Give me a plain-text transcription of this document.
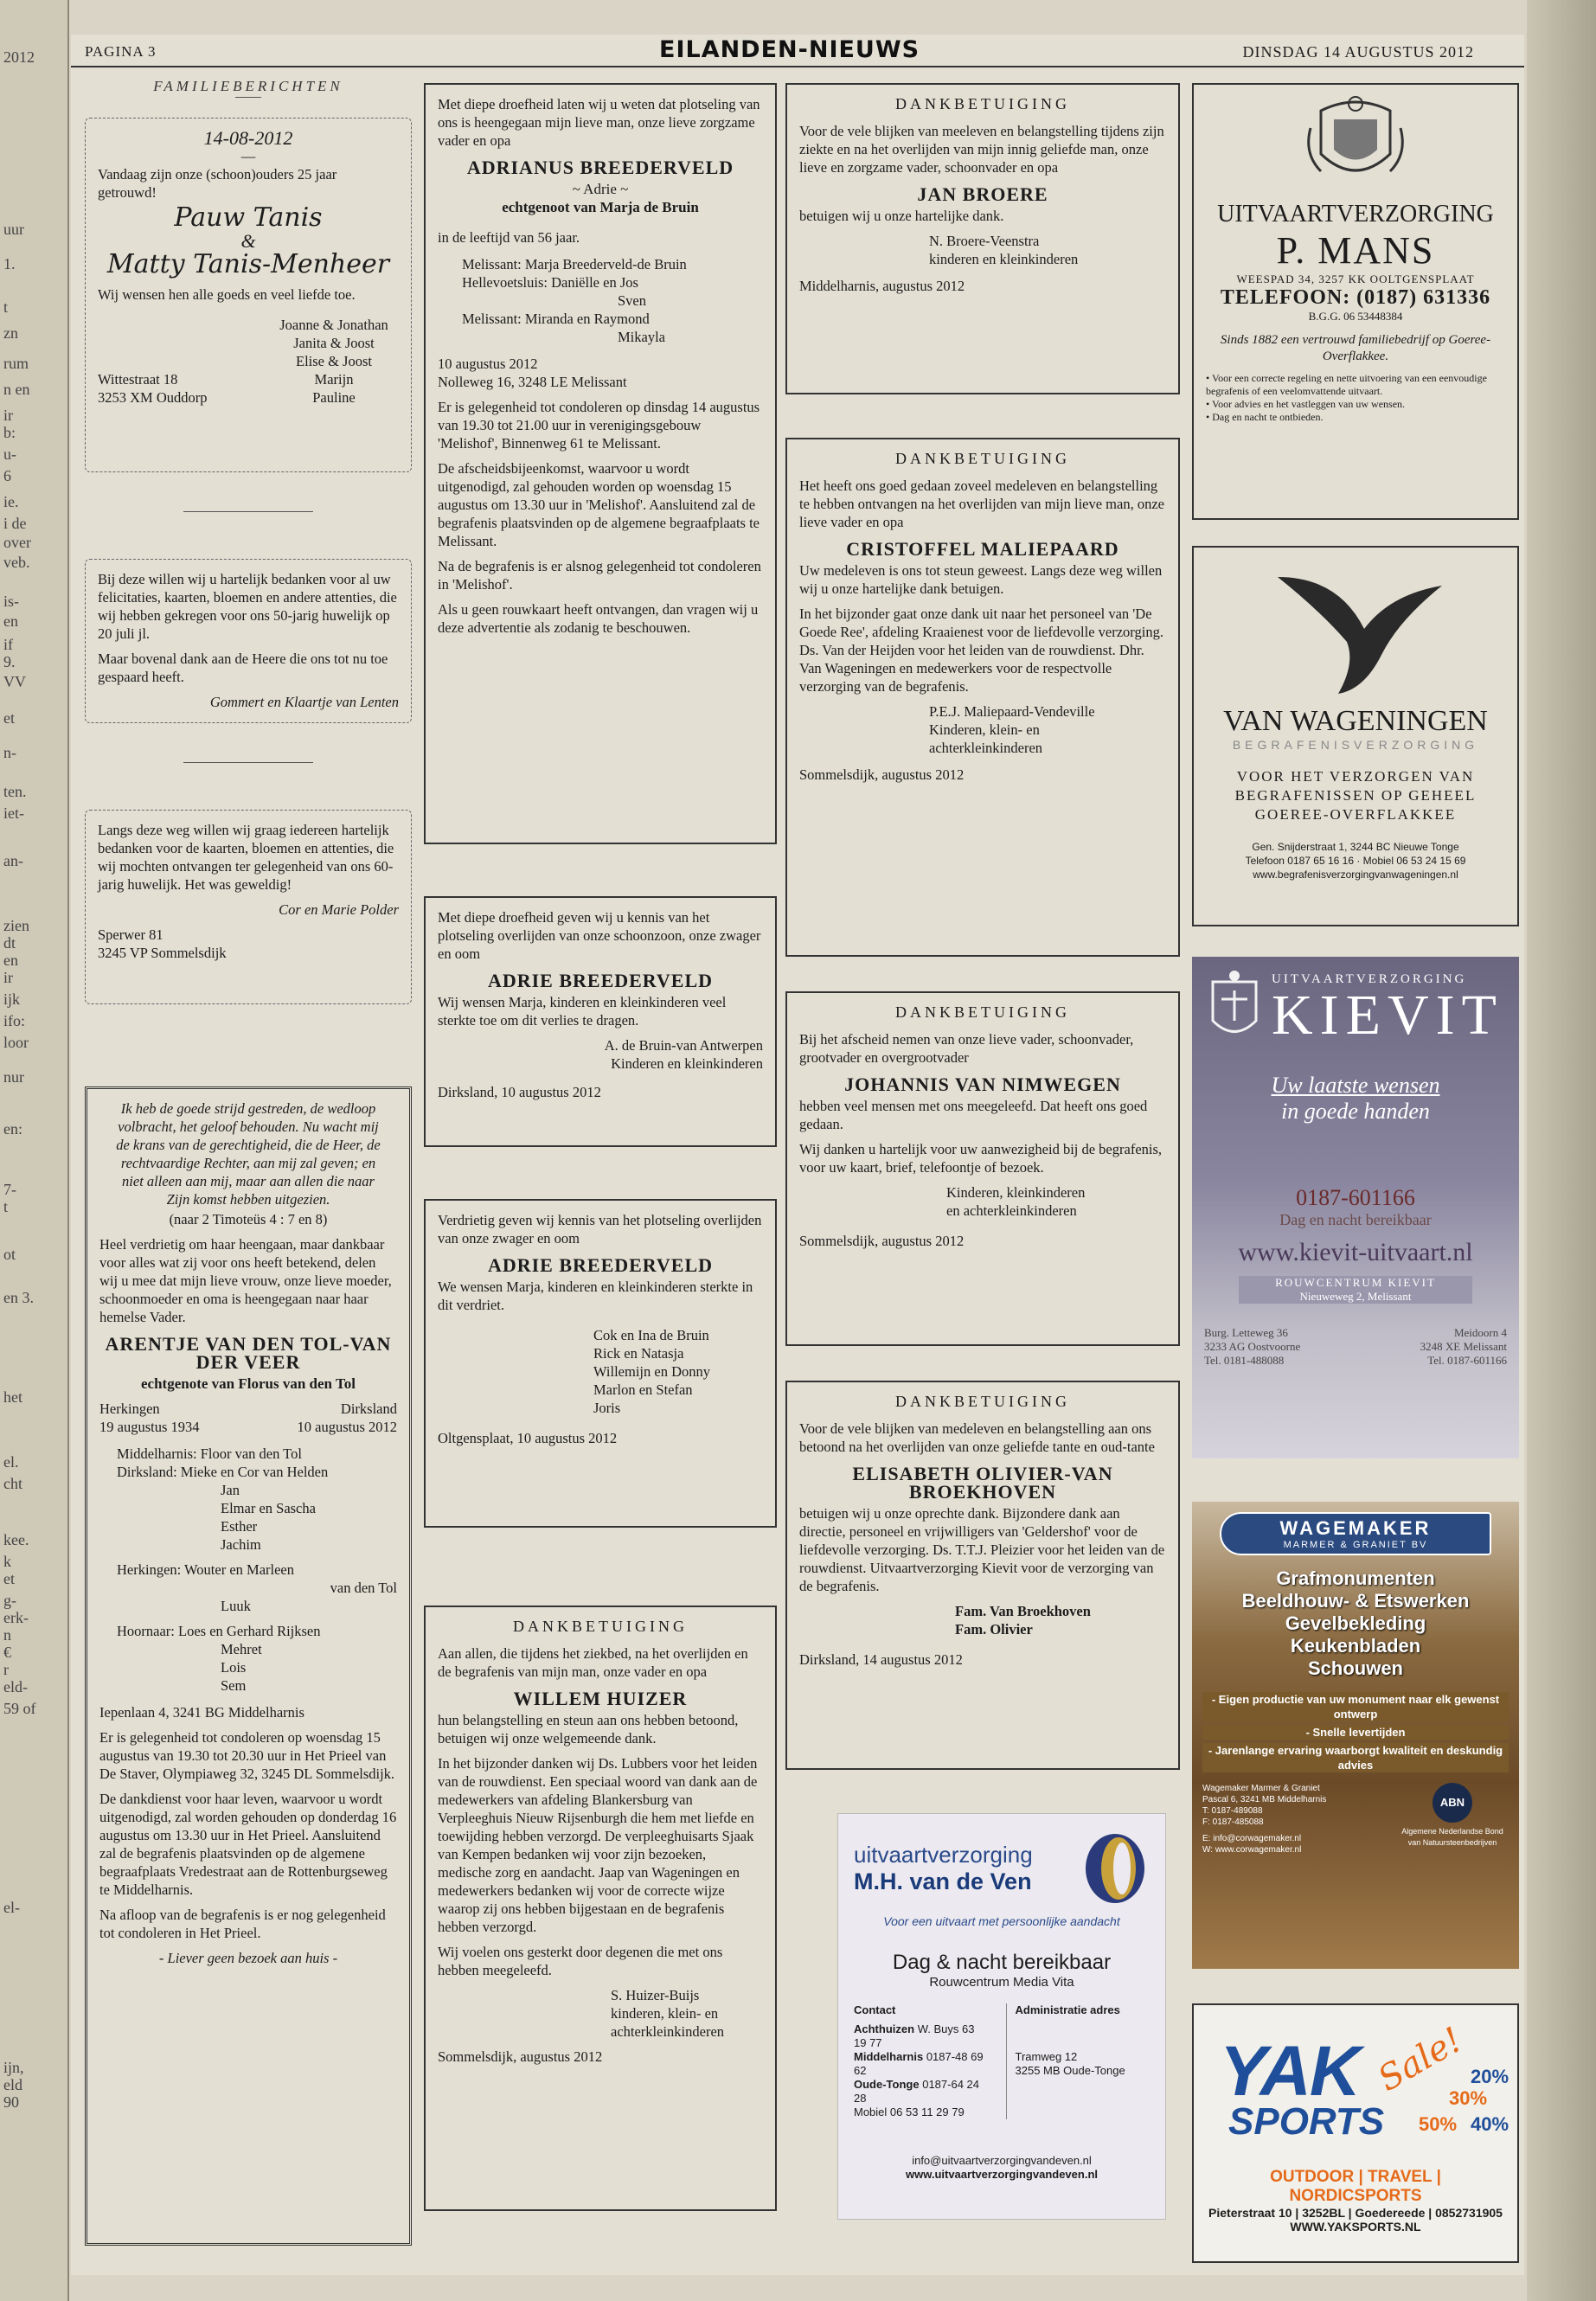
2012
uur
1.
t
zn
rum
n en
ir
b:
u-
6
ie.
i de
over
veb.
is-
en
if
9.
VV
et
n-
ten.
iet-
an-
zien
dt
en
ir
ijk
ifo:
loor
nur
en:
7-
t
ot
en 3.
het
el.
cht
kee.
k
et
g-
erk-
n
€
r
eld-
59 of
el-
ijn,
eld
90
PAGINA 3	EILANDEN-NIEUWS	DINSDAG 14 AUGUSTUS 2012
FAMILIEBERICHTEN
14-08-2012
—

Vandaag zijn onze (schoon)ouders 25 jaar getrouwd!

Pauw Tanis
&
Matty Tanis-Menheer

Wij wensen hen alle goeds en veel liefde toe.

Wittestraat 18
3253 XM Ouddorp
Joanne & Jonathan
Janita & Joost
Elise & Joost
Marijn
Pauline

Bij deze willen wij u hartelijk bedanken voor al uw felicitaties, kaarten, bloemen en andere attenties, die wij hebben gekregen voor ons 50-jarig huwelijk op 20 juli jl.

Maar bovenal dank aan de Heere die ons tot nu toe gespaard heeft.

Gommert en Klaartje van Lenten

Langs deze weg willen wij graag iedereen hartelijk bedanken voor de kaarten, bloemen en attenties, die wij mochten ontvangen ter gelegenheid van ons 60-jarig huwelijk. Het was geweldig!

Cor en Marie Polder

Sperwer 81
3245 VP Sommelsdijk

Ik heb de goede strijd gestreden, de wedloop volbracht, het geloof behouden. Nu wacht mij de krans van de gerechtigheid, die de Heer, de rechtvaardige Rechter, aan mij zal geven; en niet alleen aan mij, maar aan allen die naar Zijn komst hebben uitgezien.

(naar 2 Timoteüs 4 : 7 en 8)

Heel verdrietig om haar heengaan, maar dankbaar voor alles wat zij voor ons heeft betekend, delen wij u mee dat mijn lieve vrouw, onze lieve moeder, schoonmoeder en oma is heengegaan naar haar hemelse Vader.

ARENTJE VAN DEN TOL-VAN DER VEER
echtgenote van Florus van den Tol
Herkingen
19 augustus 1934
Dirksland
10 augustus 2012
Middelharnis: Floor van den Tol
Dirksland: Mieke en Cor van Helden
Jan
Elmar en Sascha
Esther
Jachim
Herkingen: Wouter en Marleen
van den Tol
Luuk
Hoornaar: Loes en Gerhard Rijksen
Mehret
Lois
Sem

Iepenlaan 4, 3241 BG Middelharnis

Er is gelegenheid tot condoleren op woensdag 15 augustus van 19.30 tot 20.30 uur in Het Prieel van De Staver, Olympiaweg 32, 3245 DL Sommelsdijk.

De dankdienst voor haar leven, waarvoor u wordt uitgenodigd, zal worden gehouden op donderdag 16 augustus om 13.30 uur in Het Prieel. Aansluitend zal de begrafenis plaatsvinden op de algemene begraafplaats Vredestraat aan de Rottenburgseweg te Middelharnis.

Na afloop van de begrafenis is er nog gelegenheid tot condoleren in Het Prieel.

- Liever geen bezoek aan huis -

Met diepe droefheid laten wij u weten dat plotseling van ons is heengegaan mijn lieve man, onze lieve zorgzame vader en opa

ADRIANUS BREEDERVELD
~ Adrie ~
echtgenoot van Marja de Bruin

in de leeftijd van 56 jaar.

Melissant: Marja Breederveld-de Bruin
Hellevoetsluis: Daniëlle en Jos
Sven
Melissant: Miranda en Raymond
Mikayla
10 augustus 2012

Nolleweg 16, 3248 LE Melissant

Er is gelegenheid tot condoleren op dinsdag 14 augustus van 19.30 tot 21.00 uur in verenigingsgebouw 'Melishof', Binnenweg 61 te Melissant.

De afscheidsbijeenkomst, waarvoor u wordt uitgenodigd, zal gehouden worden op woensdag 15 augustus om 13.30 uur in 'Melishof'. Aansluitend zal de begrafenis plaatsvinden op de algemene begraafplaats te Melissant.

Na de begrafenis is er alsnog gelegenheid tot condoleren in 'Melishof'.

Als u geen rouwkaart heeft ontvangen, dan vragen wij u deze advertentie als zodanig te beschouwen.

Met diepe droefheid geven wij u kennis van het plotseling overlijden van onze schoonzoon, onze zwager en oom

ADRIE BREEDERVELD

Wij wensen Marja, kinderen en kleinkinderen veel sterkte toe om dit verlies te dragen.

A. de Bruin-van Antwerpen
Kinderen en kleinkinderen

Dirksland, 10 augustus 2012

Verdrietig geven wij kennis van het plotseling overlijden van onze zwager en oom

ADRIE BREEDERVELD

We wensen Marja, kinderen en kleinkinderen sterkte in dit verdriet.

Cok en Ina de Bruin
Rick en Natasja
Willemijn en Donny
Marlon en Stefan
Joris

Oltgensplaat, 10 augustus 2012

DANKBETUIGING

Aan allen, die tijdens het ziekbed, na het overlijden en de begrafenis van mijn man, onze vader en opa

WILLEM HUIZER

hun belangstelling en steun aan ons hebben betoond, betuigen wij onze welgemeende dank.

In het bijzonder danken wij Ds. Lubbers voor het leiden van de rouwdienst. Een speciaal woord van dank aan de medewerkers van afdeling Blankersburg van Verpleeghuis Nieuw Rijsenburgh die hem met liefde en toewijding hebben verzorgd. De verpleeghuisarts Sjaak van Kempen bedanken wij voor zijn bezoeken, medische zorg en aandacht. Jaap van Wageningen en medewerkers bedanken wij voor de correcte wijze waarop zij ons hebben bijgestaan en de begrafenis hebben verzorgd.

Wij voelen ons gesterkt door degenen die met ons hebben meegeleefd.

S. Huizer-Buijs
kinderen, klein- en
achterkleinkinderen

Sommelsdijk, augustus 2012

DANKBETUIGING

Voor de vele blijken van meeleven en belangstelling tijdens zijn ziekte en na het overlijden van mijn innig geliefde man, onze lieve en zorgzame vader, schoonvader en opa

JAN BROERE

betuigen wij u onze hartelijke dank.

N. Broere-Veenstra
kinderen en kleinkinderen

Middelharnis, augustus 2012

DANKBETUIGING

Het heeft ons goed gedaan zoveel medeleven en belangstelling te hebben ontvangen na het overlijden van mijn lieve man, onze lieve vader en opa

CRISTOFFEL MALIEPAARD

Uw medeleven is ons tot steun geweest. Langs deze weg willen wij u onze hartelijke dank betuigen.

In het bijzonder gaat onze dank uit naar het personeel van 'De Goede Ree', afdeling Kraaienest voor de liefdevolle verzorging. Ds. Van der Heijden voor het leiden van de rouwdienst. Dhr. Van Wageningen en medewerkers voor de respectvolle verzorging van de begrafenis.

P.E.J. Maliepaard-Vendeville
Kinderen, klein- en
achterkleinkinderen

Sommelsdijk, augustus 2012

DANKBETUIGING

Bij het afscheid nemen van onze lieve vader, schoonvader, grootvader en overgrootvader

JOHANNIS VAN NIMWEGEN

hebben veel mensen met ons meegeleefd. Dat heeft ons goed gedaan.

Wij danken u hartelijk voor uw aanwezigheid bij de begrafenis, voor uw kaart, brief, telefoontje of bezoek.

Kinderen, kleinkinderen
en achterkleinkinderen

Sommelsdijk, augustus 2012

DANKBETUIGING

Voor de vele blijken van medeleven en belangstelling aan ons betoond na het overlijden van onze geliefde tante en oud-tante

ELISABETH OLIVIER-VAN BROEKHOVEN

betuigen wij u onze oprechte dank. Bijzondere dank aan directie, personeel en vrijwilligers van 'Geldershof' voor de liefdevolle verzorging. Ds. T.T.J. Pleizier voor het leiden van de rouwdienst. Uitvaartverzorging Kievit voor de verzorging van de begrafenis.

Fam. Van Broekhoven
Fam. Olivier

Dirksland, 14 augustus 2012

uitvaartverzorging
M.H. van de Ven
Voor een uitvaart met persoonlijke aandacht
Dag & nacht bereikbaar
Rouwcentrum Media Vita
Contact
Achthuizen W. Buys 63 19 77
Middelharnis 0187-48 69 62
Oude-Tonge 0187-64 24 28
Mobiel 06 53 11 29 79
Administratie adres
Tramweg 12
3255 MB Oude-Tonge
info@uitvaartverzorgingvandeven.nl
www.uitvaartverzorgingvandeven.nl
UITVAARTVERZORGING
P. MANS
WEESPAD 34, 3257 KK OOLTGENSPLAAT
TELEFOON: (0187) 631336
B.G.G. 06 53448384
Sinds 1882 een vertrouwd familiebedrijf op Goeree-Overflakkee.
• Voor een correcte regeling en nette uitvoering van een eenvoudige begrafenis of een veelomvattende uitvaart.
• Voor advies en het vastleggen van uw wensen.
• Dag en nacht te ontbieden.
VAN WAGENINGEN
BEGRAFENISVERZORGING
VOOR HET VERZORGEN VAN BEGRAFENISSEN OP GEHEEL GOEREE-OVERFLAKKEE
Gen. Snijderstraat 1, 3244 BC Nieuwe Tonge
Telefoon 0187 65 16 16 · Mobiel 06 53 24 15 69
www.begrafenisverzorgingvanwageningen.nl
UITVAARTVERZORGING
KIEVIT
Uw laatste wensen
in goede handen
0187-601166
Dag en nacht bereikbaar
www.kievit-uitvaart.nl
ROUWCENTRUM KIEVIT
Nieuweweg 2, Melissant
Burg. Letteweg 36
3233 AG Oostvoorne
Tel. 0181-488088
Meidoorn 4
3248 XE Melissant
Tel. 0187-601166
WAGEMAKER
MARMER & GRANIET BV
Grafmonumenten
Beeldhouw- & Etswerken
Gevelbekleding
Keukenbladen
Schouwen
- Eigen productie van uw monument naar elk gewenst ontwerp
- Snelle levertijden
- Jarenlange ervaring waarborgt kwaliteit en deskundig advies
Wagemaker Marmer & Graniet
Pascal 6, 3241 MB Middelharnis
T: 0187-489088
F: 0187-485088
E: info@corwagemaker.nl
W: www.corwagemaker.nl
ABN
Algemene Nederlandse Bond van Natuursteenbedrijven
YAK
SPORTS
Sale! 20%
30%
50% 40%
OUTDOOR | TRAVEL | NORDICSPORTS
Pieterstraat 10 | 3252BL | Goedereede | 0852731905
WWW.YAKSPORTS.NL
